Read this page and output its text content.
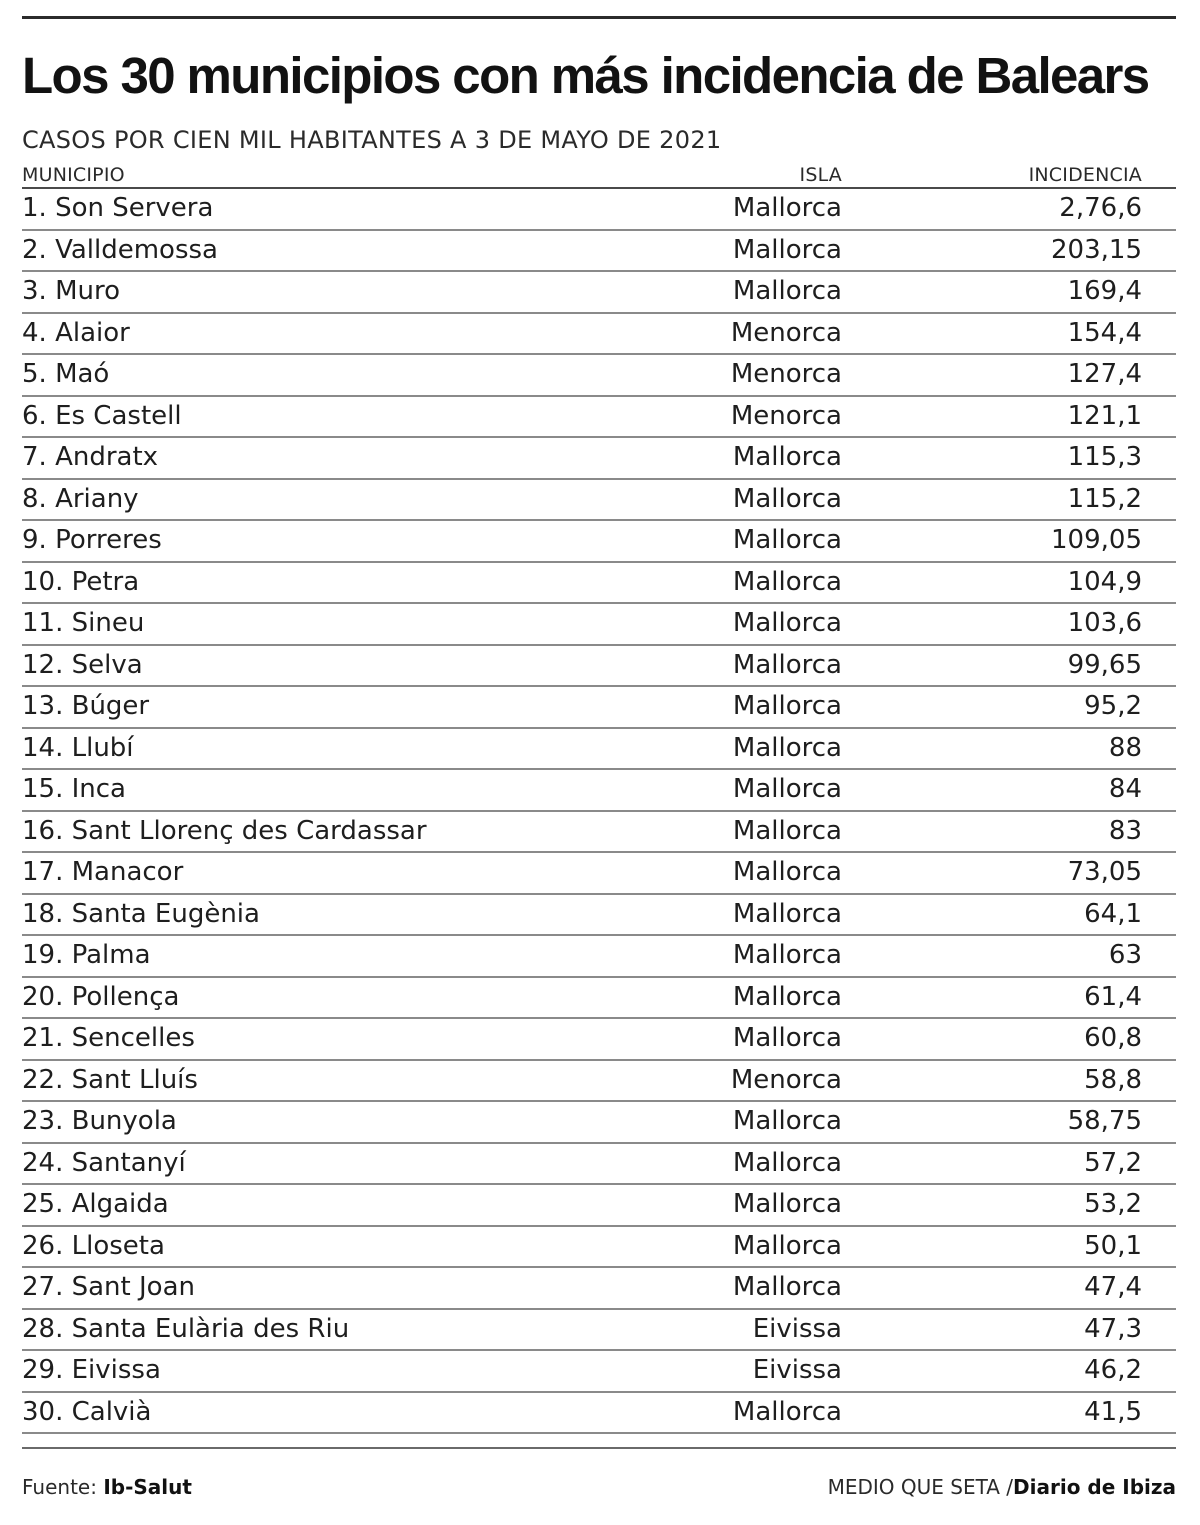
Los 30 municipios con más incidencia de Balears
CASOS POR CIEN MIL HABITANTES A 3 DE MAYO DE 2021
MUNICIPIO	ISLA	INCIDENCIA
1. Son Servera	Mallorca	2,76,6
2. Valldemossa	Mallorca	203,15
3. Muro	Mallorca	169,4
4. Alaior	Menorca	154,4
5. Maó	Menorca	127,4
6. Es Castell	Menorca	121,1
7. Andratx	Mallorca	115,3
8. Ariany	Mallorca	115,2
9. Porreres	Mallorca	109,05
10. Petra	Mallorca	104,9
11. Sineu	Mallorca	103,6
12. Selva	Mallorca	99,65
13. Búger	Mallorca	95,2
14. Llubí	Mallorca	88
15. Inca	Mallorca	84
16. Sant Llorenç des Cardassar	Mallorca	83
17. Manacor	Mallorca	73,05
18. Santa Eugènia	Mallorca	64,1
19. Palma	Mallorca	63
20. Pollença	Mallorca	61,4
21. Sencelles	Mallorca	60,8
22. Sant Lluís	Menorca	58,8
23. Bunyola	Mallorca	58,75
24. Santanyí	Mallorca	57,2
25. Algaida	Mallorca	53,2
26. Lloseta	Mallorca	50,1
27. Sant Joan	Mallorca	47,4
28. Santa Eulària des Riu	Eivissa	47,3
29. Eivissa	Eivissa	46,2
30. Calvià	Mallorca	41,5
Fuente: Ib-Salut	MEDIO QUE SETA /Diario de Ibiza
